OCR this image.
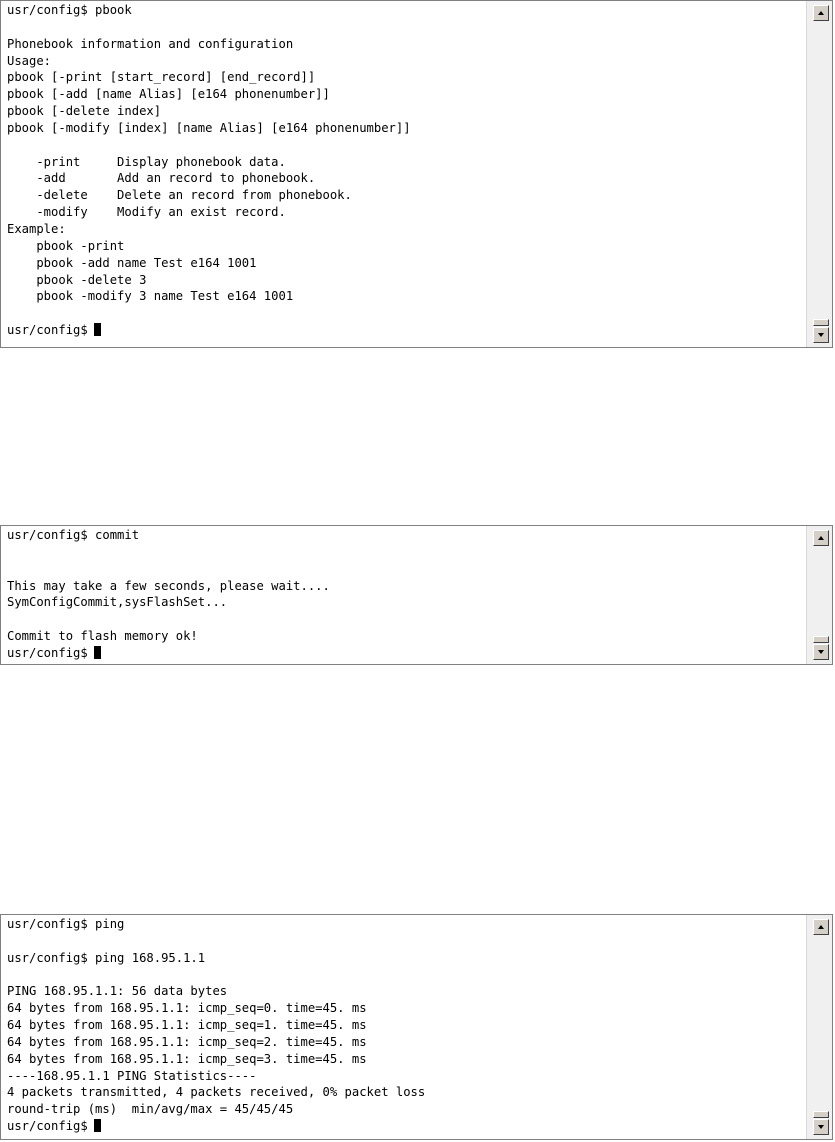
usr/config$ pbook
Phonebook information and configuration
Usage:
pbook [-print [start_record] [end_record]]
pbook [-add [name Alias] [e164 phonenumber]]
pbook [-delete index]
pbook [-modify [index] [name Alias] [e164 phonenumber]]
-print     Display phonebook data.
-add       Add an record to phonebook.
-delete    Delete an record from phonebook.
-modify    Modify an exist record.
Example:
pbook -print
pbook -add name Test e164 1001
pbook -delete 3
pbook -modify 3 name Test e164 1001
usr/config$
usr/config$ commit
This may take a few seconds, please wait....
SymConfigCommit,sysFlashSet...
Commit to flash memory ok!
usr/config$
usr/config$ ping
usr/config$ ping 168.95.1.1
PING 168.95.1.1: 56 data bytes
64 bytes from 168.95.1.1: icmp_seq=0. time=45. ms
64 bytes from 168.95.1.1: icmp_seq=1. time=45. ms
64 bytes from 168.95.1.1: icmp_seq=2. time=45. ms
64 bytes from 168.95.1.1: icmp_seq=3. time=45. ms
----168.95.1.1 PING Statistics----
4 packets transmitted, 4 packets received, 0% packet loss
round-trip (ms)  min/avg/max = 45/45/45
usr/config$
